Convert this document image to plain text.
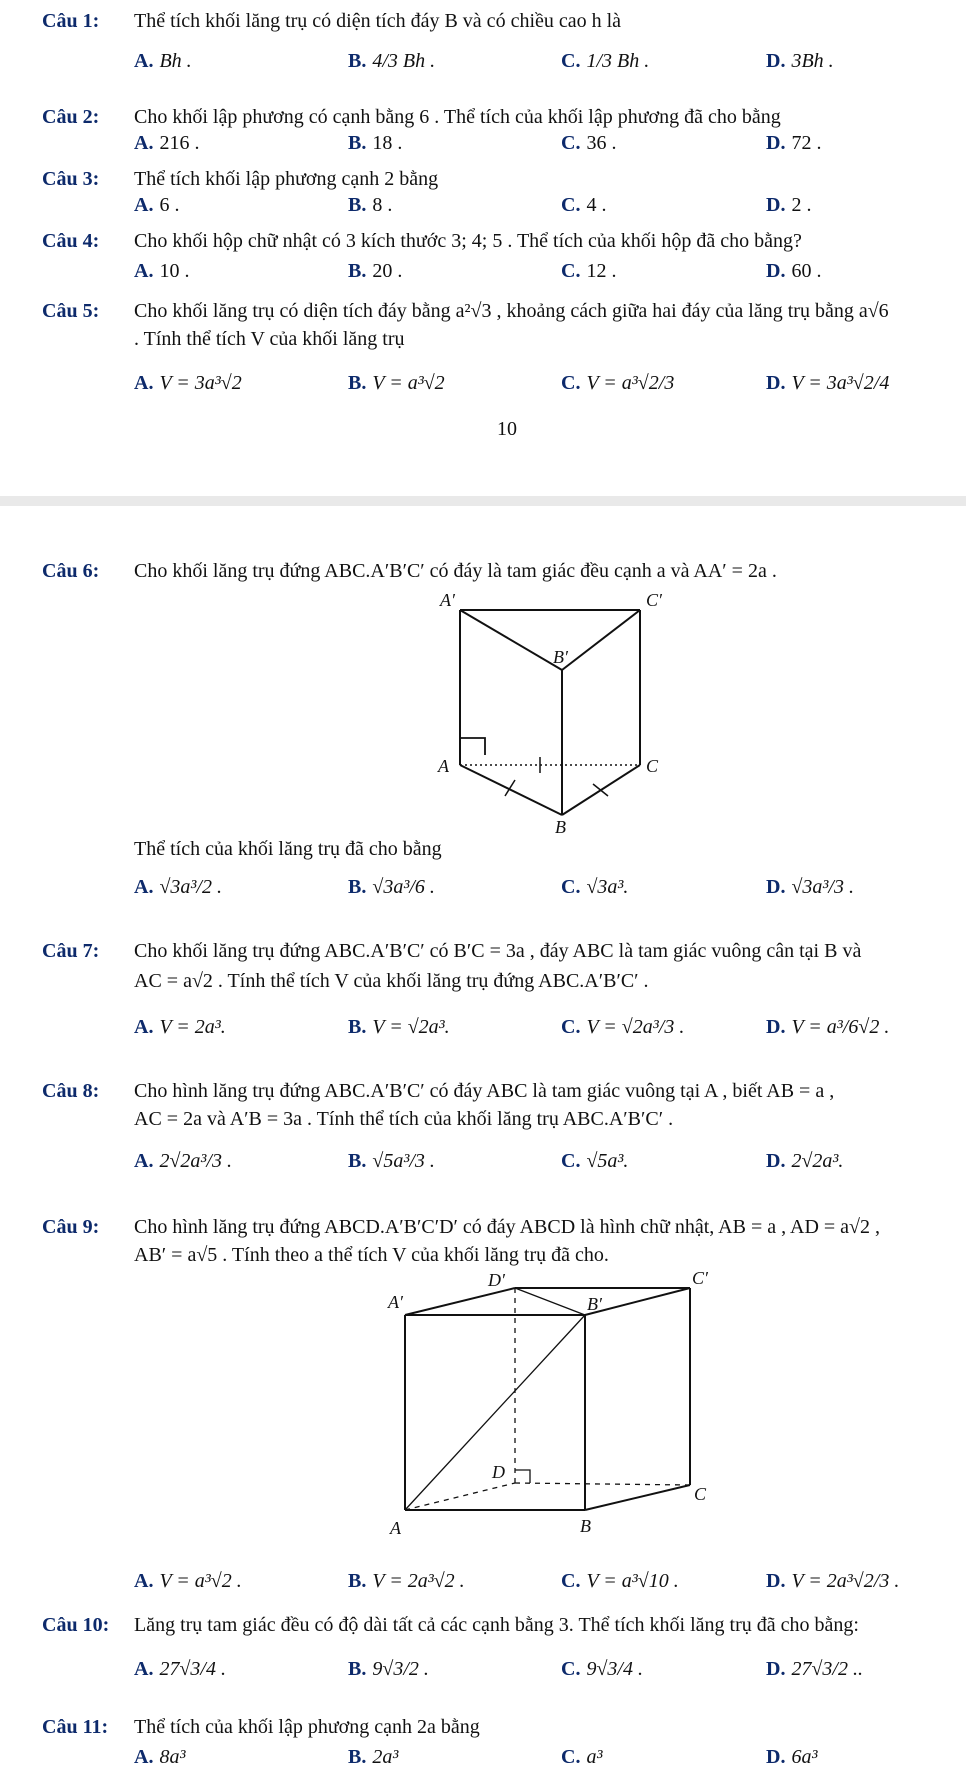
Câu 1: Thể tích khối lăng trụ có diện tích đáy B và có chiều cao h là
A. Bh .	B. 4/3 Bh .	C. 1/3 Bh .	D. 3Bh .
Câu 2: Cho khối lập phương có cạnh bằng 6 . Thể tích của khối lập phương đã cho bằng
A. 216 .	B. 18 .	C. 36 .	D. 72 .
Câu 3: Thể tích khối lập phương cạnh 2 bằng
A. 6 .	B. 8 .	C. 4 .	D. 2 .
Câu 4: Cho khối hộp chữ nhật có 3 kích thước 3; 4; 5 . Thể tích của khối hộp đã cho bằng?
A. 10 .	B. 20 .	C. 12 .	D. 60 .
Câu 5: Cho khối lăng trụ có diện tích đáy bằng a²√3 , khoảng cách giữa hai đáy của lăng trụ bằng a√6
. Tính thể tích V của khối lăng trụ
A. V = 3a³√2	B. V = a³√2	C. V = a³√2/3	D. V = 3a³√2/4
10
Câu 6: Cho khối lăng trụ đứng ABC.A′B′C′ có đáy là tam giác đều cạnh a và AA′ = 2a .
A′	C′
B′
A	C
B
Thể tích của khối lăng trụ đã cho bằng
A. √3a³/2 .	B. √3a³/6 .	C. √3a³.	D. √3a³/3 .
Câu 7: Cho khối lăng trụ đứng ABC.A′B′C′ có B′C = 3a , đáy ABC là tam giác vuông cân tại B và
AC = a√2 . Tính thể tích V của khối lăng trụ đứng ABC.A′B′C′ .
A. V = 2a³.	B. V = √2a³.	C. V = √2a³/3 .	D. V = a³/6√2 .
Câu 8: Cho hình lăng trụ đứng ABC.A′B′C′ có đáy ABC là tam giác vuông tại A , biết AB = a ,
AC = 2a và A′B = 3a . Tính thể tích của khối lăng trụ ABC.A′B′C′ .
A. 2√2a³/3 .	B. √5a³/3 .	C. √5a³.	D. 2√2a³.
Câu 9: Cho hình lăng trụ đứng ABCD.A′B′C′D′ có đáy ABCD là hình chữ nhật, AB = a , AD = a√2 ,
AB′ = a√5 . Tính theo a thể tích V của khối lăng trụ đã cho.
D′	C′
A′	B′
D
C
A	B
A. V = a³√2 .	B. V = 2a³√2 .	C. V = a³√10 .	D. V = 2a³√2/3 .
Câu 10: Lăng trụ tam giác đều có độ dài tất cả các cạnh bằng 3. Thể tích khối lăng trụ đã cho bằng:
A. 27√3/4 .	B. 9√3/2 .	C. 9√3/4 .	D. 27√3/2 ..
Câu 11: Thể tích của khối lập phương cạnh 2a bằng
A. 8a³	B. 2a³	C. a³	D. 6a³
